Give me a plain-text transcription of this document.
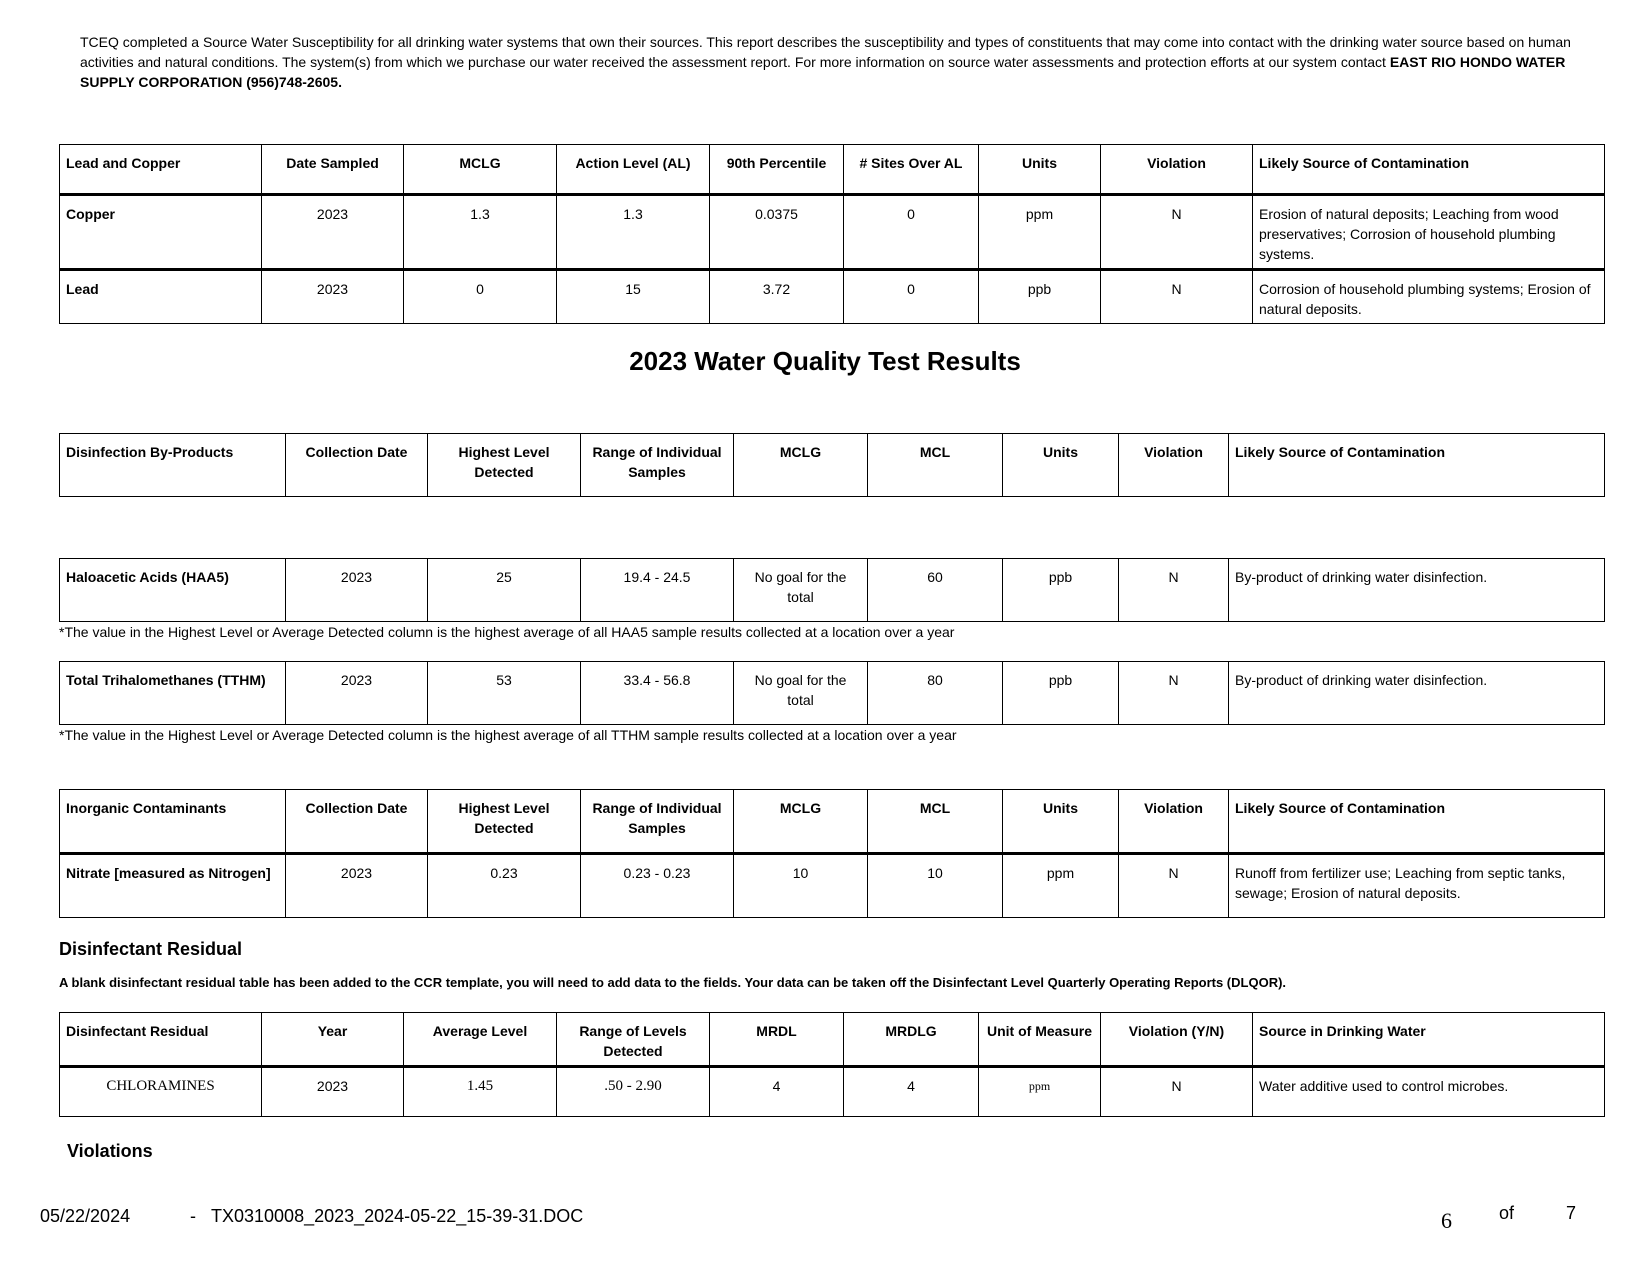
TCEQ completed a Source Water Susceptibility for all drinking water systems that own their sources. This report describes the susceptibility and types of constituents that may come into contact with the drinking water source based on human activities and natural conditions. The system(s) from which we purchase our water received the assessment report. For more information on source water assessments and protection efforts at our system contact EAST RIO HONDO WATER SUPPLY CORPORATION (956)748-2605.
Lead and Copper	Date Sampled	MCLG	Action Level (AL)	90th Percentile	# Sites Over AL	Units	Violation	Likely Source of Contamination
Copper	2023	1.3	1.3	0.0375	0	ppm	N	Erosion of natural deposits; Leaching from wood preservatives; Corrosion of household plumbing systems.
Lead	2023	0	15	3.72	0	ppb	N	Corrosion of household plumbing systems; Erosion of natural deposits.
2023 Water Quality Test Results
Disinfection By-Products	Collection Date	Highest Level Detected	Range of Individual Samples	MCLG	MCL	Units	Violation	Likely Source of Contamination
Haloacetic Acids (HAA5)	2023	25	19.4 - 24.5	No goal for the total	60	ppb	N	By-product of drinking water disinfection.
*The value in the Highest Level or Average Detected column is the highest average of all HAA5 sample results collected at a location over a year
Total Trihalomethanes (TTHM)	2023	53	33.4 - 56.8	No goal for the total	80	ppb	N	By-product of drinking water disinfection.
*The value in the Highest Level or Average Detected column is the highest average of all TTHM sample results collected at a location over a year
Inorganic Contaminants	Collection Date	Highest Level Detected	Range of Individual Samples	MCLG	MCL	Units	Violation	Likely Source of Contamination
Nitrate [measured as Nitrogen]	2023	0.23	0.23 - 0.23	10	10	ppm	N	Runoff from fertilizer use; Leaching from septic tanks, sewage; Erosion of natural deposits.
Disinfectant Residual
A blank disinfectant residual table has been added to the CCR template, you will need to add data to the fields. Your data can be taken off the Disinfectant Level Quarterly Operating Reports (DLQOR).
Disinfectant Residual	Year	Average Level	Range of Levels Detected	MRDL	MRDLG	Unit of Measure	Violation (Y/N)	Source in Drinking Water
CHLORAMINES	2023	1.45	.50 - 2.90	4	4	ppm	N	Water additive used to control microbes.
Violations
05/22/2024	- TX0310008_2023_2024-05-22_15-39-31.DOC	6	of	7
